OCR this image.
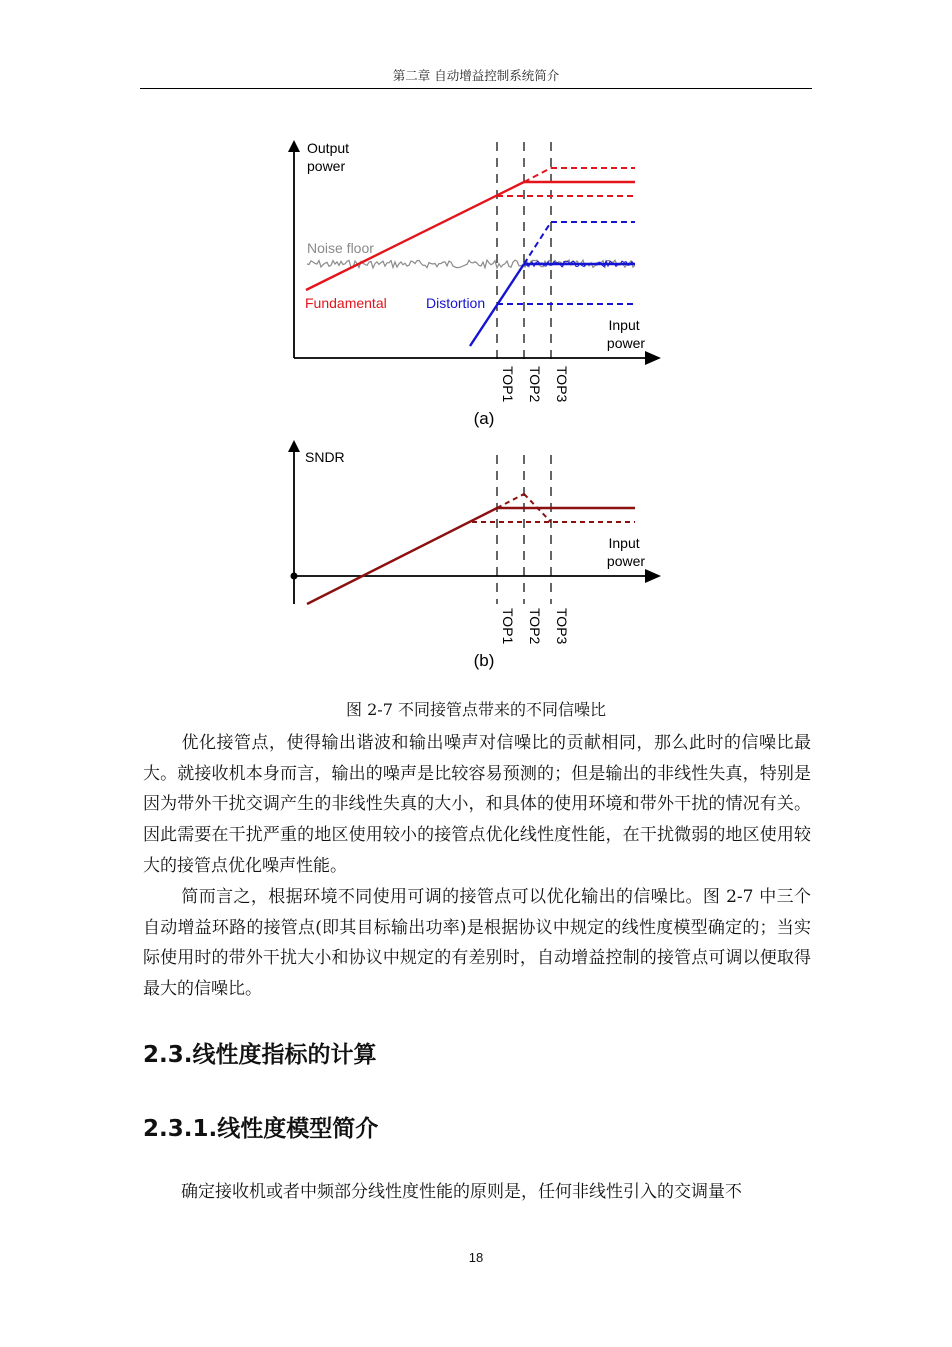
第二章 自动增益控制系统简介
Output power
Noise floor
Fundamental	Distortion
Input power
TOP1 TOP2 TOP3
(a)
SNDR
Input power
TOP1 TOP2 TOP3
(b)
图 2-7 不同接管点带来的不同信噪比

优化接管点，使得输出谐波和输出噪声对信噪比的贡献相同，那么此时的信噪比最大。就接收机本身而言，输出的噪声是比较容易预测的；但是输出的非线性失真，特别是因为带外干扰交调产生的非线性失真的大小，和具体的使用环境和带外干扰的情况有关。因此需要在干扰严重的地区使用较小的接管点优化线性度性能，在干扰微弱的地区使用较大的接管点优化噪声性能。

简而言之，根据环境不同使用可调的接管点可以优化输出的信噪比。图 2-7 中三个自动增益环路的接管点(即其目标输出功率)是根据协议中规定的线性度模型确定的；当实际使用时的带外干扰大小和协议中规定的有差别时，自动增益控制的接管点可调以便取得最大的信噪比。

2.3.线性度指标的计算
2.3.1.线性度模型简介

确定接收机或者中频部分线性度性能的原则是，任何非线性引入的交调量不

18
